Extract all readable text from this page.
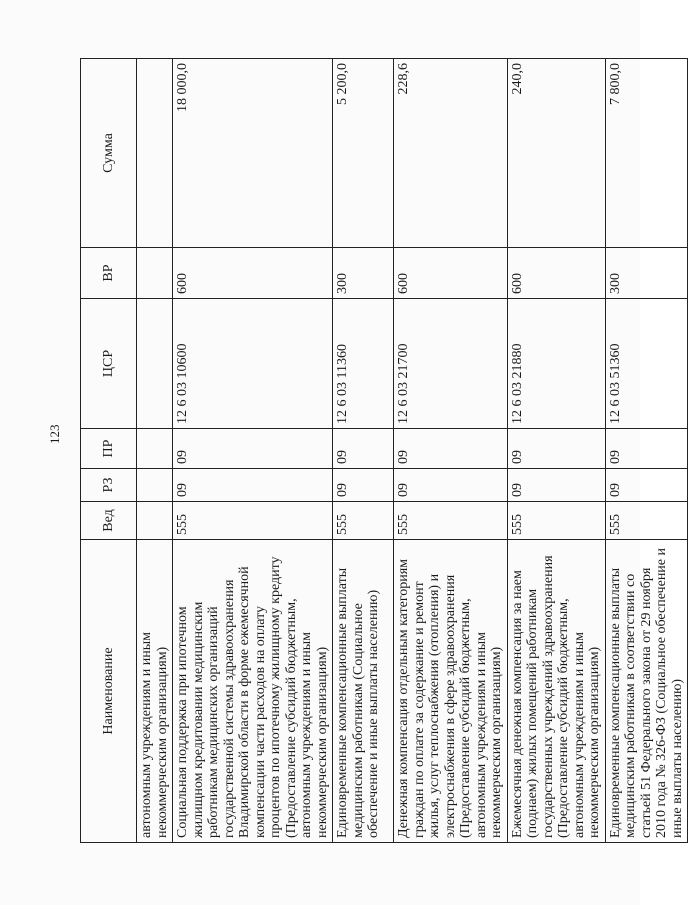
123
Наименование	Вед	РЗ	ПР	ЦСР	ВР	Сумма
автономным учреждениям и иным некоммерческим организациям)						
Социальная поддержка при ипотечном жилищном кредитовании медицинским работникам медицинских организаций государственной системы здравоохранения Владимирской области в форме ежемесячной компенсации части расходов на оплату процентов по ипотечному жилищному кредиту (Предоставление субсидий бюджетным, автономным учреждениям и иным некоммерческим организациям)	555	09	09	12 6 03 10600	600	18 000,0
Единовременные компенсационные выплаты медицинским работникам (Социальное обеспечение и иные выплаты населению)	555	09	09	12 6 03 11360	300	5 200,0
Денежная компенсация отдельным категориям граждан по оплате за содержание и ремонт жилья, услуг теплоснабжения (отопления) и электроснабжения в сфере здравоохранения (Предоставление субсидий бюджетным, автономным учреждениям и иным некоммерческим организациям)	555	09	09	12 6 03 21700	600	228,6
Ежемесячная денежная компенсация за наем (поднаем) жилых помещений работникам государственных учреждений здравоохранения (Предоставление субсидий бюджетным, автономным учреждениям и иным некоммерческим организациям)	555	09	09	12 6 03 21880	600	240,0
Единовременные компенсационные выплаты медицинским работникам в соответствии со статьей 51 Федерального закона от 29 ноября 2010 года № 326-ФЗ (Социальное обеспечение и иные выплаты населению)	555	09	09	12 6 03 51360	300	7 800,0
